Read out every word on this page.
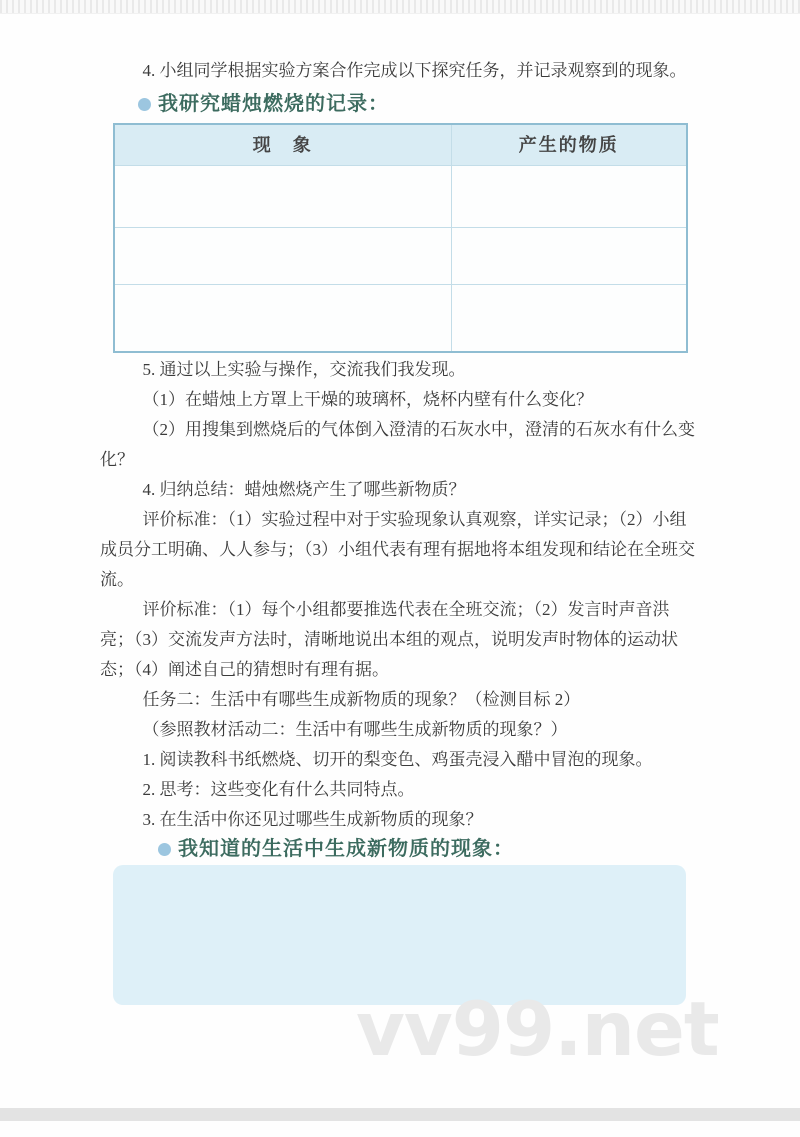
4. 小组同学根据实验方案合作完成以下探究任务，并记录观察到的现象。

我研究蜡烛燃烧的记录：
现　象	产生的物质

5. 通过以上实验与操作，交流我们我发现。

（1）在蜡烛上方罩上干燥的玻璃杯，烧杯内壁有什么变化？

（2）用搜集到燃烧后的气体倒入澄清的石灰水中，澄清的石灰水有什么变化？

4. 归纳总结：蜡烛燃烧产生了哪些新物质？

评价标准：（1）实验过程中对于实验现象认真观察，详实记录；（2）小组成员分工明确、人人参与；（3）小组代表有理有据地将本组发现和结论在全班交流。

评价标准：（1）每个小组都要推选代表在全班交流；（2）发言时声音洪亮；（3）交流发声方法时，清晰地说出本组的观点，说明发声时物体的运动状态；（4）阐述自己的猜想时有理有据。

任务二：生活中有哪些生成新物质的现象？（检测目标 2）

（参照教材活动二：生活中有哪些生成新物质的现象？）

1. 阅读教科书纸燃烧、切开的梨变色、鸡蛋壳浸入醋中冒泡的现象。

2. 思考：这些变化有什么共同特点。

3. 在生活中你还见过哪些生成新物质的现象？

我知道的生活中生成新物质的现象：
vv99.net
